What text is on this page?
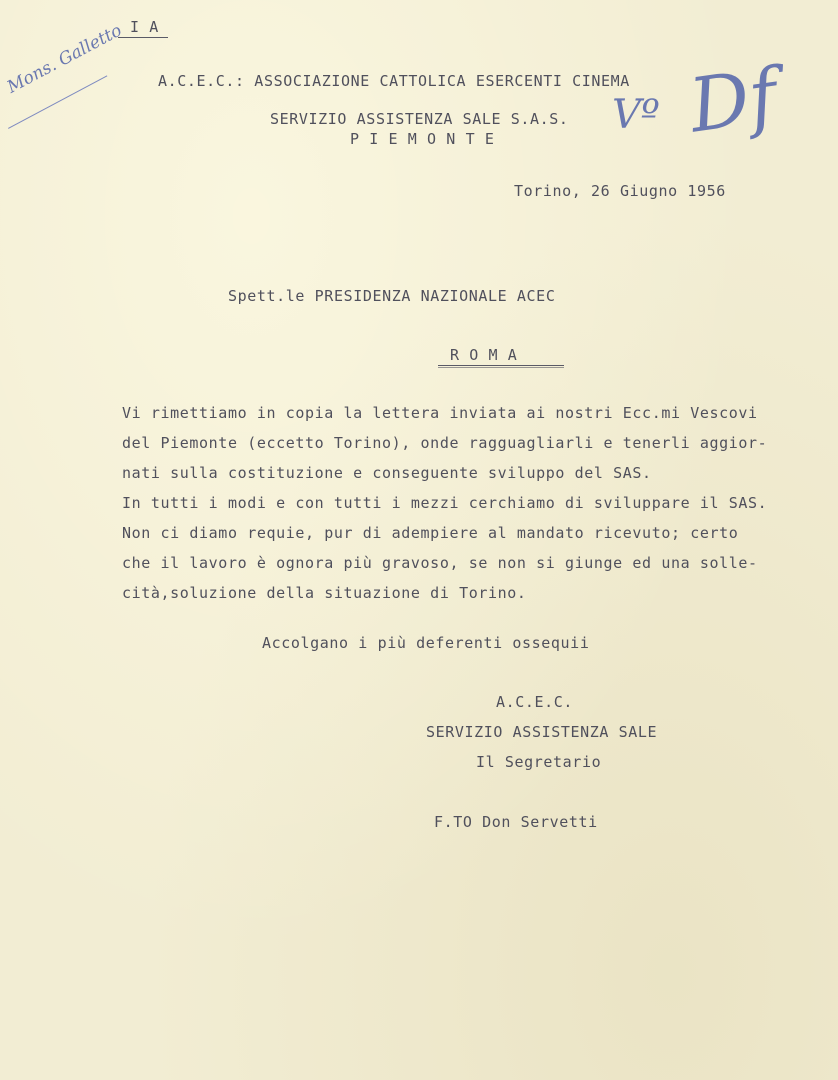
I A
Mons. Galletto A.C.E.C.: ASSOCIAZIONE CATTOLICA ESERCENTI CINEMA
SERVIZIO ASSISTENZA SALE S.A.S.
P I E M O N T E
Vº Df
Torino, 26 Giugno 1956
Spett.le PRESIDENZA NAZIONALE ACEC
R O M A
Vi rimettiamo in copia la lettera inviata ai nostri Ecc.mi Vescovi
del Piemonte (eccetto Torino), onde ragguagliarli e tenerli aggior-
nati sulla costituzione e conseguente sviluppo del SAS.
In tutti i modi e con tutti i mezzi cerchiamo di sviluppare il SAS.
Non ci diamo requie, pur di adempiere al mandato ricevuto; certo
che il lavoro è ognora più gravoso, se non si giunge ed una solle-
cità,soluzione della situazione di Torino.
Accolgano i più deferenti ossequii
A.C.E.C.
SERVIZIO ASSISTENZA SALE
Il Segretario
F.TO Don Servetti
